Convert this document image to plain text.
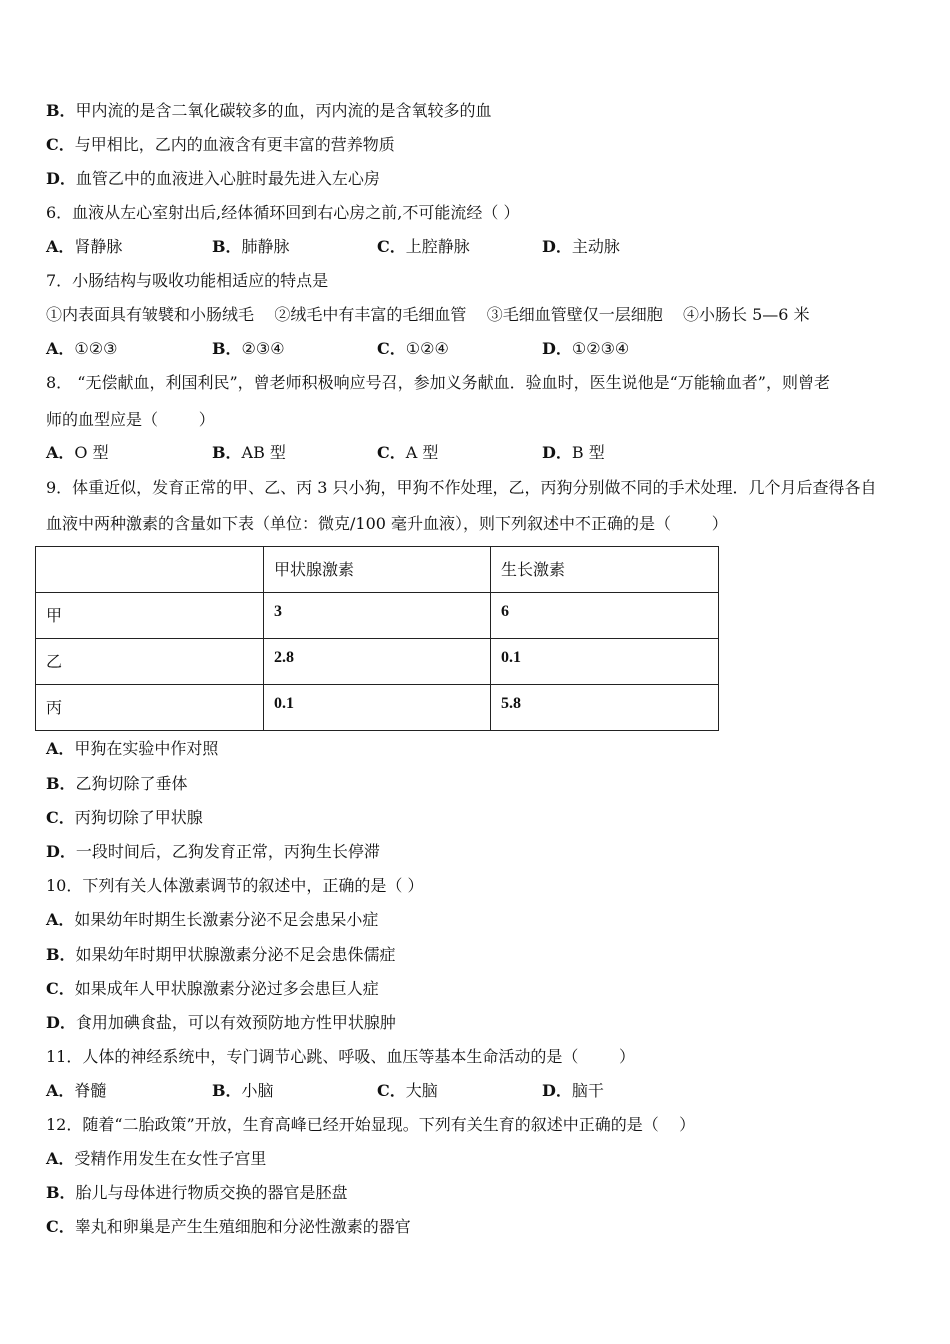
B．甲内流的是含二氧化碳较多的血，丙内流的是含氧较多的血
C．与甲相比，乙内的血液含有更丰富的营养物质
D．血管乙中的血液进入心脏时最先进入左心房
6．血液从左心室射出后,经体循环回到右心房之前,不可能流经（ ）
A．肾静脉	B．肺静脉	C．上腔静脉	D．主动脉
7．小肠结构与吸收功能相适应的特点是
①内表面具有皱襞和小肠绒毛    ②绒毛中有丰富的毛细血管    ③毛细血管壁仅一层细胞    ④小肠长 5—6 米
A．①②③	B．②③④	C．①②④	D．①②③④
8． “无偿献血，利国利民”，曾老师积极响应号召，参加义务献血．验血时，医生说他是“万能输血者”，则曾老
师的血型应是（        ）
A．O 型	B．AB 型	C．A 型	D．B 型
9．体重近似，发育正常的甲、乙、丙 3 只小狗，甲狗不作处理，乙，丙狗分别做不同的手术处理．几个月后查得各自
血液中两种激素的含量如下表（单位：微克/100 毫升血液），则下列叙述中不正确的是（        ）
	甲状腺激素	生长激素
甲	3	6
乙	2.8	0.1
丙	0.1	5.8
A．甲狗在实验中作对照
B．乙狗切除了垂体
C．丙狗切除了甲状腺
D．一段时间后，乙狗发育正常，丙狗生长停滞
10．下列有关人体激素调节的叙述中，正确的是（ ）
A．如果幼年时期生长激素分泌不足会患呆小症
B．如果幼年时期甲状腺激素分泌不足会患侏儒症
C．如果成年人甲状腺激素分泌过多会患巨人症
D．食用加碘食盐，可以有效预防地方性甲状腺肿
11．人体的神经系统中，专门调节心跳、呼吸、血压等基本生命活动的是（        ）
A．脊髓	B．小脑	C．大脑	D．脑干
12．随着“二胎政策”开放，生育高峰已经开始显现。下列有关生育的叙述中正确的是（    ）
A．受精作用发生在女性子宫里
B．胎儿与母体进行物质交换的器官是胚盘
C．睾丸和卵巢是产生生殖细胞和分泌性激素的器官
